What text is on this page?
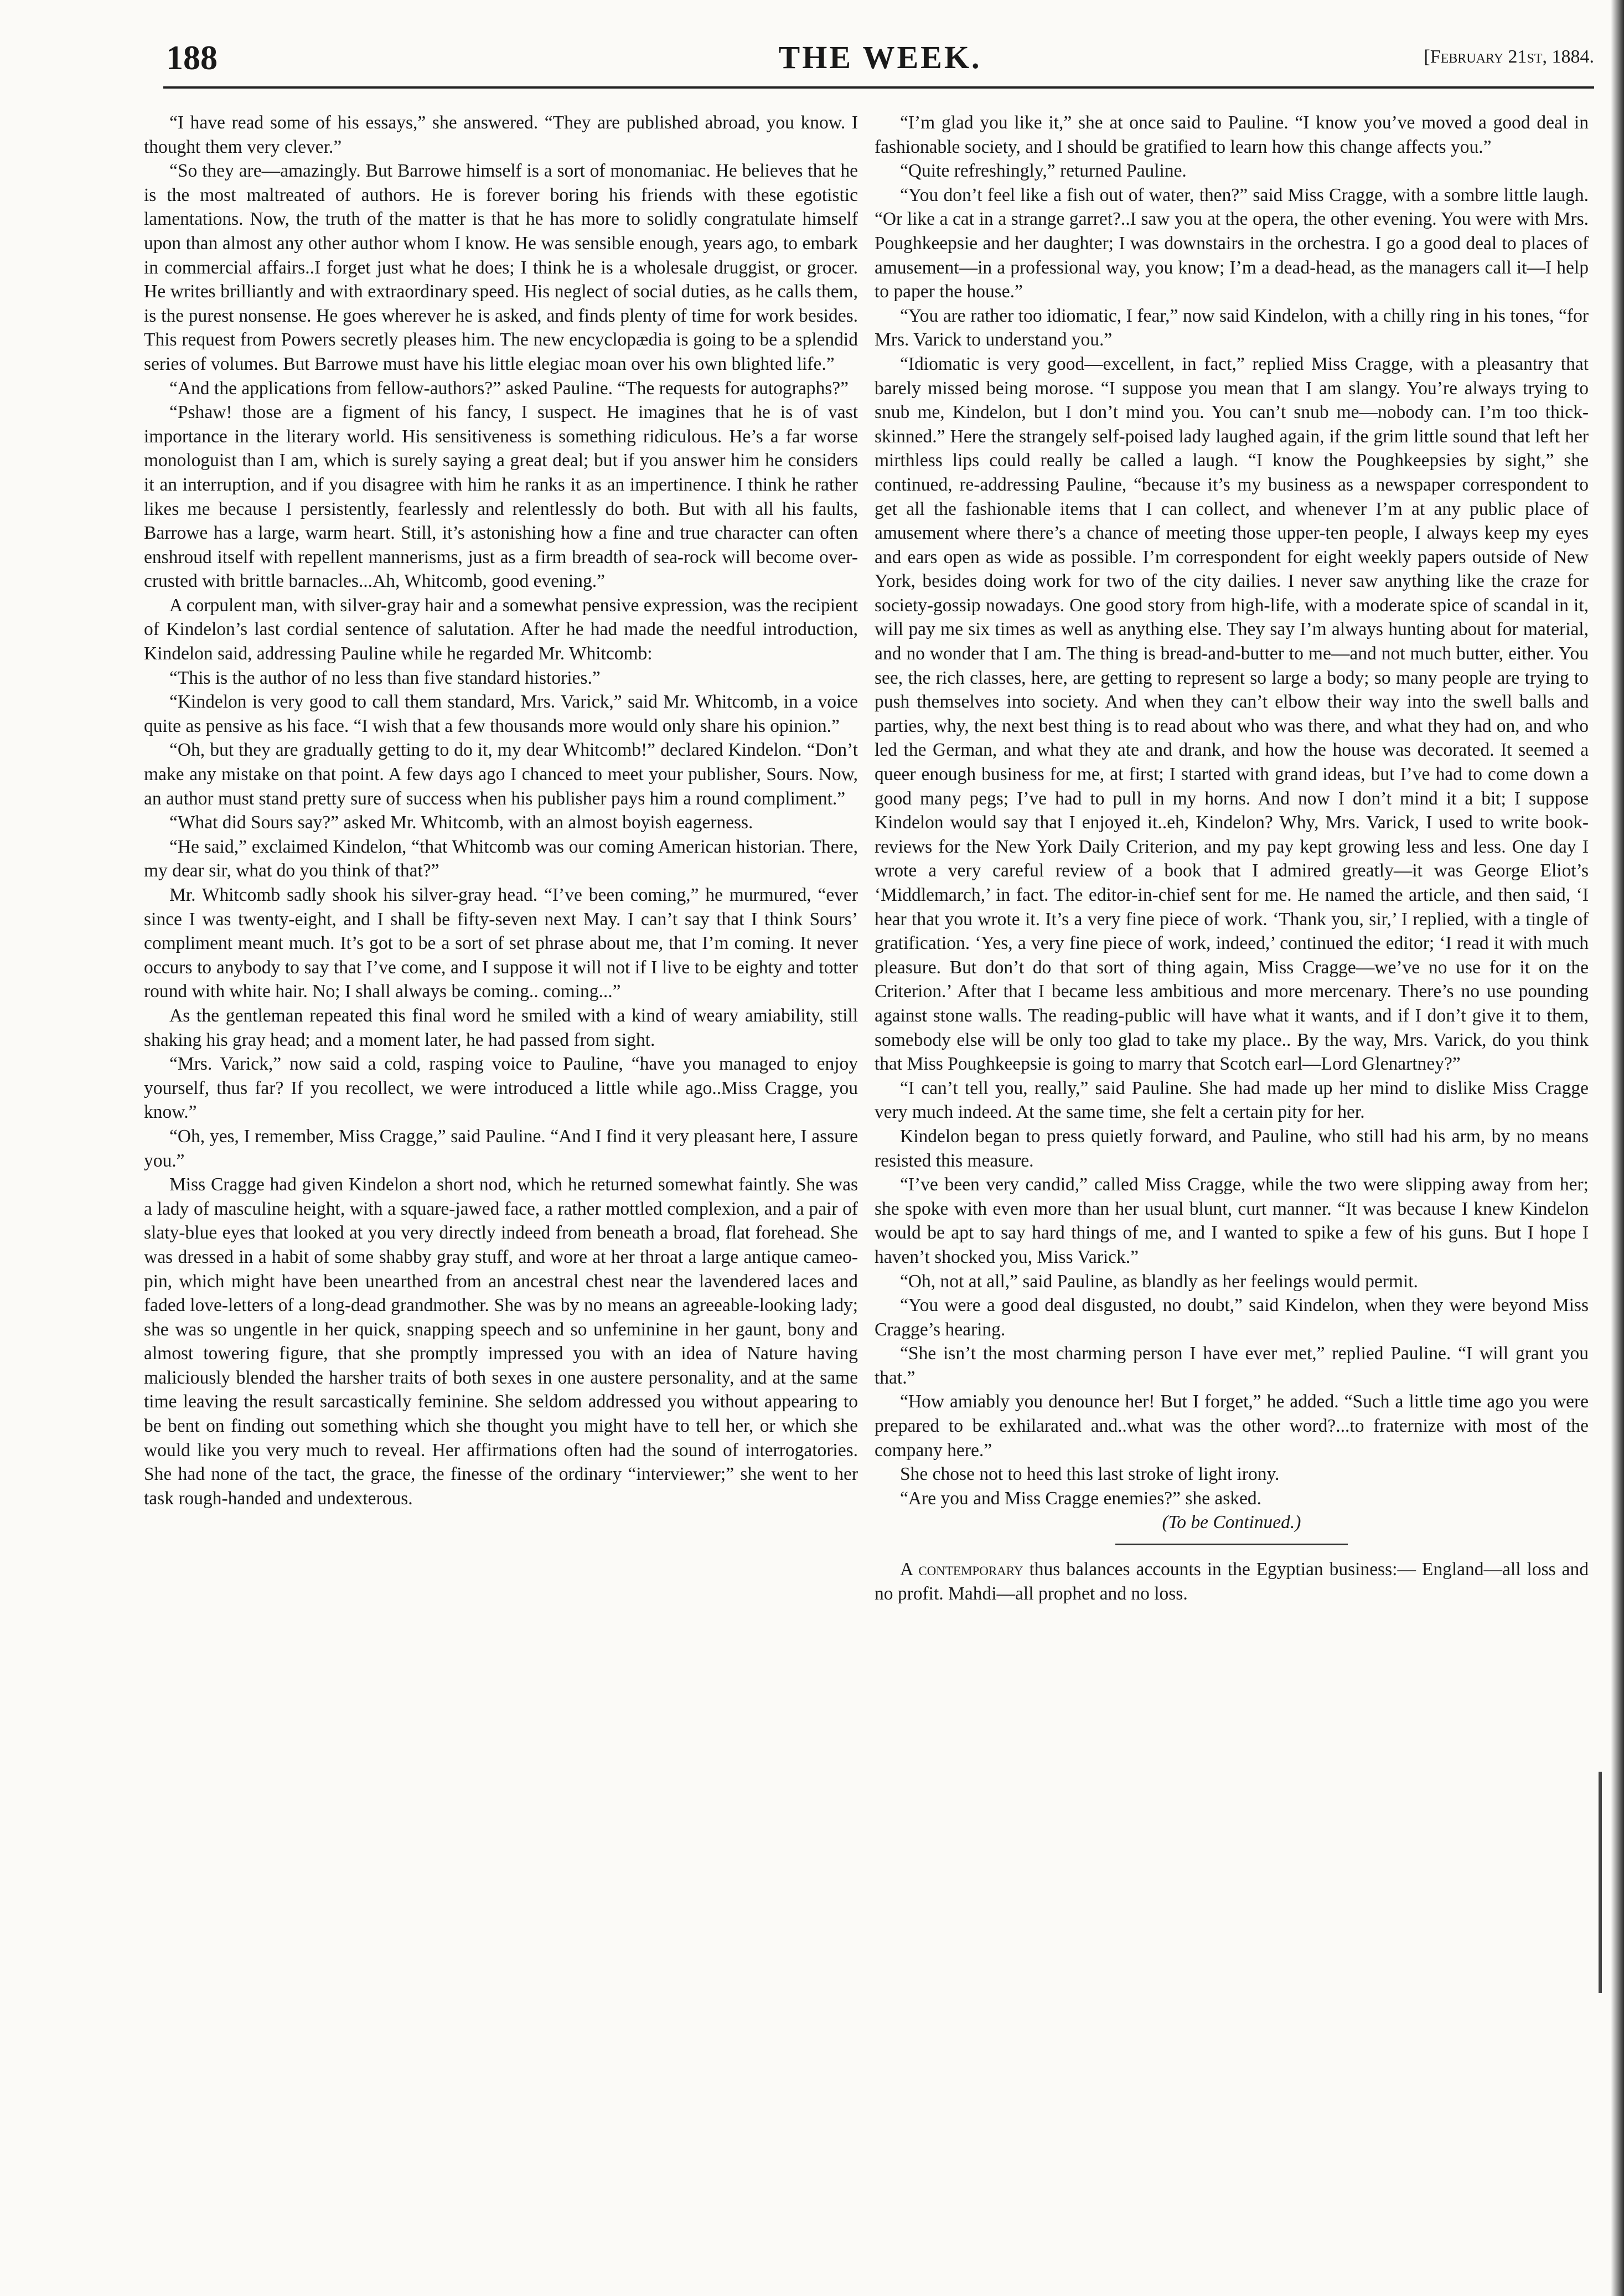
188	THE WEEK.	[February 21st, 1884.

“I have read some of his essays,” she answered. “They are published abroad, you know. I thought them very clever.”

“So they are—amazingly. But Barrowe himself is a sort of monomaniac. He believes that he is the most maltreated of authors. He is forever boring his friends with these egotistic lamentations. Now, the truth of the matter is that he has more to solidly congratulate himself upon than almost any other author whom I know. He was sensible enough, years ago, to embark in commercial affairs..I forget just what he does; I think he is a wholesale druggist, or grocer. He writes brilliantly and with extraordinary speed. His neglect of social duties, as he calls them, is the purest nonsense. He goes wherever he is asked, and finds plenty of time for work besides. This request from Powers secretly pleases him. The new encyclopædia is going to be a splendid series of volumes. But Barrowe must have his little elegiac moan over his own blighted life.”

“And the applications from fellow-authors?” asked Pauline. “The requests for autographs?”

“Pshaw! those are a figment of his fancy, I suspect. He imagines that he is of vast importance in the literary world. His sensitiveness is something ridiculous. He’s a far worse monologuist than I am, which is surely saying a great deal; but if you answer him he considers it an interruption, and if you disagree with him he ranks it as an impertinence. I think he rather likes me because I persistently, fearlessly and relentlessly do both. But with all his faults, Barrowe has a large, warm heart. Still, it’s astonishing how a fine and true character can often enshroud itself with repellent mannerisms, just as a firm breadth of sea-rock will become over-crusted with brittle barnacles...Ah, Whitcomb, good evening.”

A corpulent man, with silver-gray hair and a somewhat pensive expression, was the recipient of Kindelon’s last cordial sentence of salutation. After he had made the needful introduction, Kindelon said, addressing Pauline while he regarded Mr. Whitcomb:

“This is the author of no less than five standard histories.”

“Kindelon is very good to call them standard, Mrs. Varick,” said Mr. Whitcomb, in a voice quite as pensive as his face. “I wish that a few thousands more would only share his opinion.”

“Oh, but they are gradually getting to do it, my dear Whitcomb!” declared Kindelon. “Don’t make any mistake on that point. A few days ago I chanced to meet your publisher, Sours. Now, an author must stand pretty sure of success when his publisher pays him a round compliment.”

“What did Sours say?” asked Mr. Whitcomb, with an almost boyish eagerness.

“He said,” exclaimed Kindelon, “that Whitcomb was our coming American historian. There, my dear sir, what do you think of that?”

Mr. Whitcomb sadly shook his silver-gray head. “I’ve been coming,” he murmured, “ever since I was twenty-eight, and I shall be fifty-seven next May. I can’t say that I think Sours’ compliment meant much. It’s got to be a sort of set phrase about me, that I’m coming. It never occurs to anybody to say that I’ve come, and I suppose it will not if I live to be eighty and totter round with white hair. No; I shall always be coming.. coming...”

As the gentleman repeated this final word he smiled with a kind of weary amiability, still shaking his gray head; and a moment later, he had passed from sight.

“Mrs. Varick,” now said a cold, rasping voice to Pauline, “have you managed to enjoy yourself, thus far? If you recollect, we were introduced a little while ago..Miss Cragge, you know.”

“Oh, yes, I remember, Miss Cragge,” said Pauline. “And I find it very pleasant here, I assure you.”

Miss Cragge had given Kindelon a short nod, which he returned somewhat faintly. She was a lady of masculine height, with a square-jawed face, a rather mottled complexion, and a pair of slaty-blue eyes that looked at you very directly indeed from beneath a broad, flat forehead. She was dressed in a habit of some shabby gray stuff, and wore at her throat a large antique cameo-pin, which might have been unearthed from an ancestral chest near the lavendered laces and faded love-letters of a long-dead grandmother. She was by no means an agreeable-looking lady; she was so ungentle in her quick, snapping speech and so unfeminine in her gaunt, bony and almost towering figure, that she promptly impressed you with an idea of Nature having maliciously blended the harsher traits of both sexes in one austere personality, and at the same time leaving the result sarcastically feminine. She seldom addressed you without appearing to be bent on finding out something which she thought you might have to tell her, or which she would like you very much to reveal. Her affirmations often had the sound of interrogatories. She had none of the tact, the grace, the finesse of the ordinary “interviewer;” she went to her task rough-handed and undexterous.

“I’m glad you like it,” she at once said to Pauline. “I know you’ve moved a good deal in fashionable society, and I should be gratified to learn how this change affects you.”

“Quite refreshingly,” returned Pauline.

“You don’t feel like a fish out of water, then?” said Miss Cragge, with a sombre little laugh. “Or like a cat in a strange garret?..I saw you at the opera, the other evening. You were with Mrs. Poughkeepsie and her daughter; I was downstairs in the orchestra. I go a good deal to places of amusement—in a professional way, you know; I’m a dead-head, as the managers call it—I help to paper the house.”

“You are rather too idiomatic, I fear,” now said Kindelon, with a chilly ring in his tones, “for Mrs. Varick to understand you.”

“Idiomatic is very good—excellent, in fact,” replied Miss Cragge, with a pleasantry that barely missed being morose. “I suppose you mean that I am slangy. You’re always trying to snub me, Kindelon, but I don’t mind you. You can’t snub me—nobody can. I’m too thick-skinned.” Here the strangely self-poised lady laughed again, if the grim little sound that left her mirthless lips could really be called a laugh. “I know the Poughkeepsies by sight,” she continued, re-addressing Pauline, “because it’s my business as a newspaper correspondent to get all the fashionable items that I can collect, and whenever I’m at any public place of amusement where there’s a chance of meeting those upper-ten people, I always keep my eyes and ears open as wide as possible. I’m correspondent for eight weekly papers outside of New York, besides doing work for two of the city dailies. I never saw anything like the craze for society-gossip nowadays. One good story from high-life, with a moderate spice of scandal in it, will pay me six times as well as anything else. They say I’m always hunting about for material, and no wonder that I am. The thing is bread-and-butter to me—and not much butter, either. You see, the rich classes, here, are getting to represent so large a body; so many people are trying to push themselves into society. And when they can’t elbow their way into the swell balls and parties, why, the next best thing is to read about who was there, and what they had on, and who led the German, and what they ate and drank, and how the house was decorated. It seemed a queer enough business for me, at first; I started with grand ideas, but I’ve had to come down a good many pegs; I’ve had to pull in my horns. And now I don’t mind it a bit; I suppose Kindelon would say that I enjoyed it..eh, Kindelon? Why, Mrs. Varick, I used to write book-reviews for the New York Daily Criterion, and my pay kept growing less and less. One day I wrote a very careful review of a book that I admired greatly—it was George Eliot’s ‘Middlemarch,’ in fact. The editor-in-chief sent for me. He named the article, and then said, ‘I hear that you wrote it. It’s a very fine piece of work. ‘Thank you, sir,’ I replied, with a tingle of gratification. ‘Yes, a very fine piece of work, indeed,’ continued the editor; ‘I read it with much pleasure. But don’t do that sort of thing again, Miss Cragge—we’ve no use for it on the Criterion.’ After that I became less ambitious and more mercenary. There’s no use pounding against stone walls. The reading-public will have what it wants, and if I don’t give it to them, somebody else will be only too glad to take my place.. By the way, Mrs. Varick, do you think that Miss Poughkeepsie is going to marry that Scotch earl—Lord Glenartney?”

“I can’t tell you, really,” said Pauline. She had made up her mind to dislike Miss Cragge very much indeed. At the same time, she felt a certain pity for her.

Kindelon began to press quietly forward, and Pauline, who still had his arm, by no means resisted this measure.

“I’ve been very candid,” called Miss Cragge, while the two were slipping away from her; she spoke with even more than her usual blunt, curt manner. “It was because I knew Kindelon would be apt to say hard things of me, and I wanted to spike a few of his guns. But I hope I haven’t shocked you, Miss Varick.”

“Oh, not at all,” said Pauline, as blandly as her feelings would permit.

“You were a good deal disgusted, no doubt,” said Kindelon, when they were beyond Miss Cragge’s hearing.

“She isn’t the most charming person I have ever met,” replied Pauline. “I will grant you that.”

“How amiably you denounce her! But I forget,” he added. “Such a little time ago you were prepared to be exhilarated and..what was the other word?...to fraternize with most of the company here.”

She chose not to heed this last stroke of light irony.

“Are you and Miss Cragge enemies?” she asked.

(To be Continued.)

A contemporary thus balances accounts in the Egyptian business:— England—all loss and no profit. Mahdi—all prophet and no loss.
